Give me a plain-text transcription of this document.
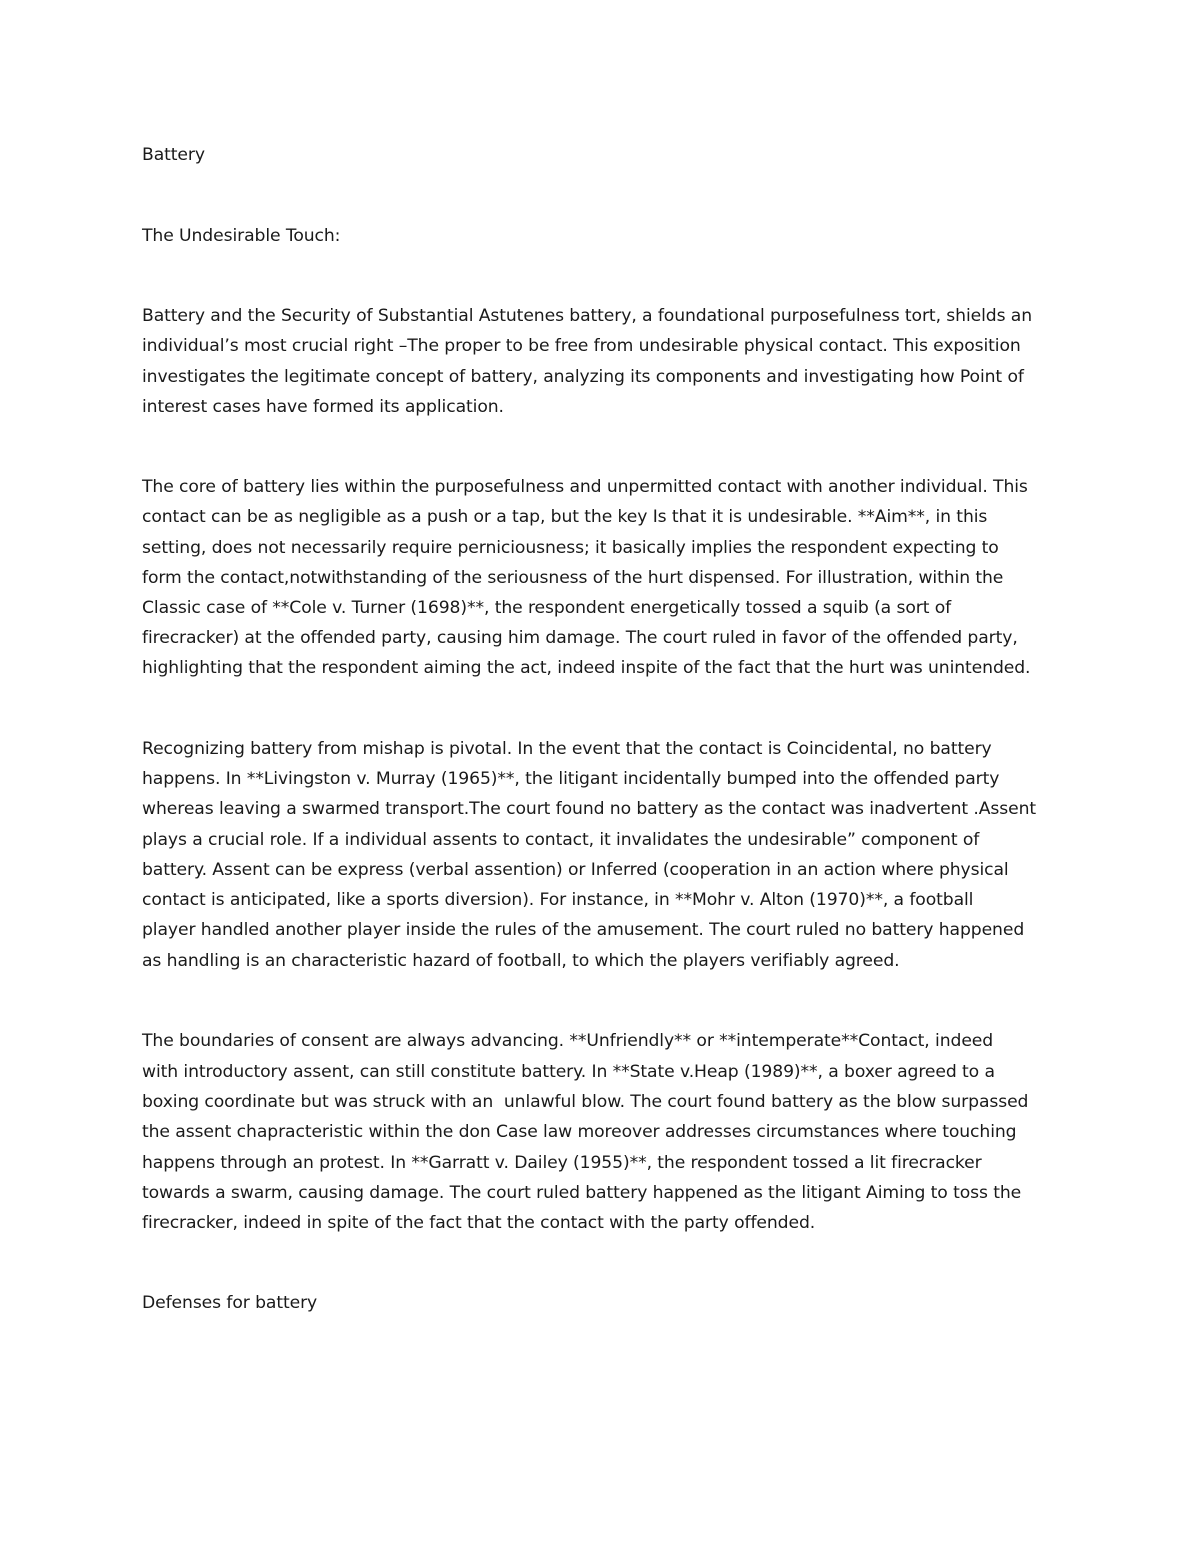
Battery

The Undesirable Touch:

Battery and the Security of Substantial Astutenes battery, a foundational purposefulness tort, shields an

individual’s most crucial right –The proper to be free from undesirable physical contact. This exposition

investigates the legitimate concept of battery, analyzing its components and investigating how Point of

interest cases have formed its application.

The core of battery lies within the purposefulness and unpermitted contact with another individual. This

contact can be as negligible as a push or a tap, but the key Is that it is undesirable. **Aim**, in this

setting, does not necessarily require perniciousness; it basically implies the respondent expecting to

form the contact,notwithstanding of the seriousness of the hurt dispensed. For illustration, within the

Classic case of **Cole v. Turner (1698)**, the respondent energetically tossed a squib (a sort of

firecracker) at the offended party, causing him damage. The court ruled in favor of the offended party,

highlighting that the respondent aiming the act, indeed inspite of the fact that the hurt was unintended.

Recognizing battery from mishap is pivotal. In the event that the contact is Coincidental, no battery

happens. In **Livingston v. Murray (1965)**, the litigant incidentally bumped into the offended party

whereas leaving a swarmed transport.The court found no battery as the contact was inadvertent .Assent

plays a crucial role. If a individual assents to contact, it invalidates the undesirable” component of

battery. Assent can be express (verbal assention) or Inferred (cooperation in an action where physical

contact is anticipated, like a sports diversion). For instance, in **Mohr v. Alton (1970)**, a football

player handled another player inside the rules of the amusement. The court ruled no battery happened

as handling is an characteristic hazard of football, to which the players verifiably agreed.

The boundaries of consent are always advancing. **Unfriendly** or **intemperate**Contact, indeed

with introductory assent, can still constitute battery. In **State v.Heap (1989)**, a boxer agreed to a

boxing coordinate but was struck with an  unlawful blow. The court found battery as the blow surpassed

the assent chapracteristic within the don Case law moreover addresses circumstances where touching

happens through an protest. In **Garratt v. Dailey (1955)**, the respondent tossed a lit firecracker

towards a swarm, causing damage. The court ruled battery happened as the litigant Aiming to toss the

firecracker, indeed in spite of the fact that the contact with the party offended.

Defenses for battery
